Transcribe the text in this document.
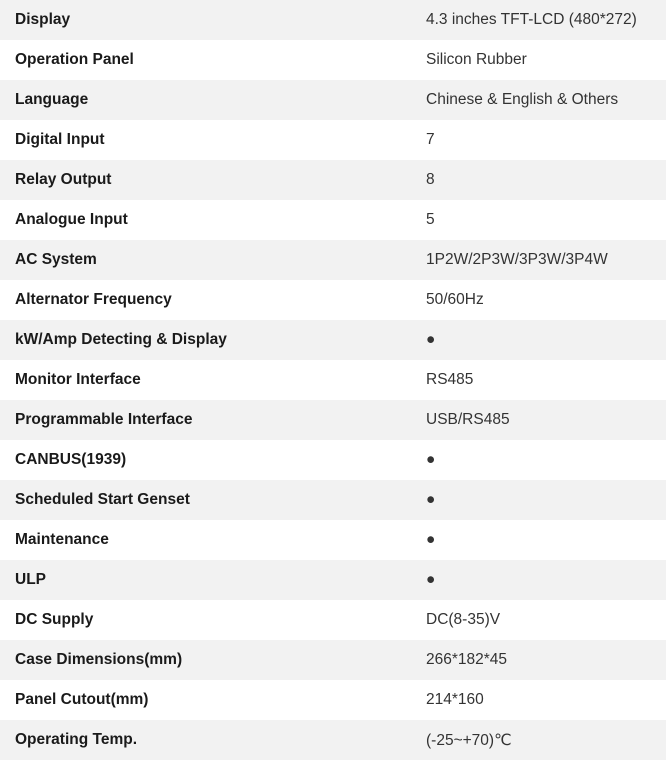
Display	4.3 inches TFT-LCD (480*272)
Operation Panel	Silicon Rubber
Language	Chinese & English & Others
Digital Input	7
Relay Output	8
Analogue Input	5
AC System	1P2W/2P3W/3P3W/3P4W
Alternator Frequency	50/60Hz
kW/Amp Detecting & Display	●
Monitor Interface	RS485
Programmable Interface	USB/RS485
CANBUS(1939)	●
Scheduled Start Genset	●
Maintenance	●
ULP	●
DC Supply	DC(8-35)V
Case Dimensions(mm)	266*182*45
Panel Cutout(mm)	214*160
Operating Temp.	(-25~+70)℃
